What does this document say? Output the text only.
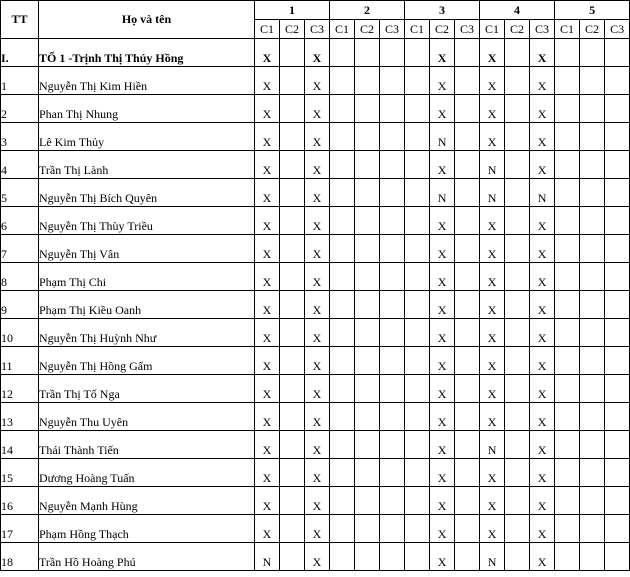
TT	Họ và tên	1			2			3			4			5		
		C1	C2	C3	C1	C2	C3	C1	C2	C3	C1	C2	C3	C1	C2	C3
I.	TỔ 1 -Trịnh Thị Thúy Hồng	X		X					X		X		X			
1	Nguyễn Thị Kim Hiền	X		X					X		X		X			
2	Phan Thị Nhung	X		X					X		X		X			
3	Lê Kim Thủy	X		X					N		X		X			
4	Trần Thị Lành	X		X					X		N		X			
5	Nguyễn Thị Bích Quyên	X		X					N		N		N			
6	Nguyễn Thị Thùy Triều	X		X					X		X		X			
7	Nguyễn Thị Vân	X		X					X		X		X			
8	Phạm Thị Chi	X		X					X		X		X			
9	Phạm Thị Kiều Oanh	X		X					X		X		X			
10	Nguyễn Thị Huỳnh Như	X		X					X		X		X			
11	Nguyễn Thị Hồng Gấm	X		X					X		X		X			
12	Trần Thị Tố Nga	X		X					X		X		X			
13	Nguyễn Thu Uyên	X		X					X		X		X			
14	Thái Thành Tiến	X		X					X		N		X			
15	Dương Hoàng Tuấn	X		X					X		X		X			
16	Nguyễn Mạnh Hùng	X		X					X		X		X			
17	Phạm Hồng Thạch	X		X					X		X		X			
18	Trần Hồ Hoàng Phú	N		X					X		N		X			
